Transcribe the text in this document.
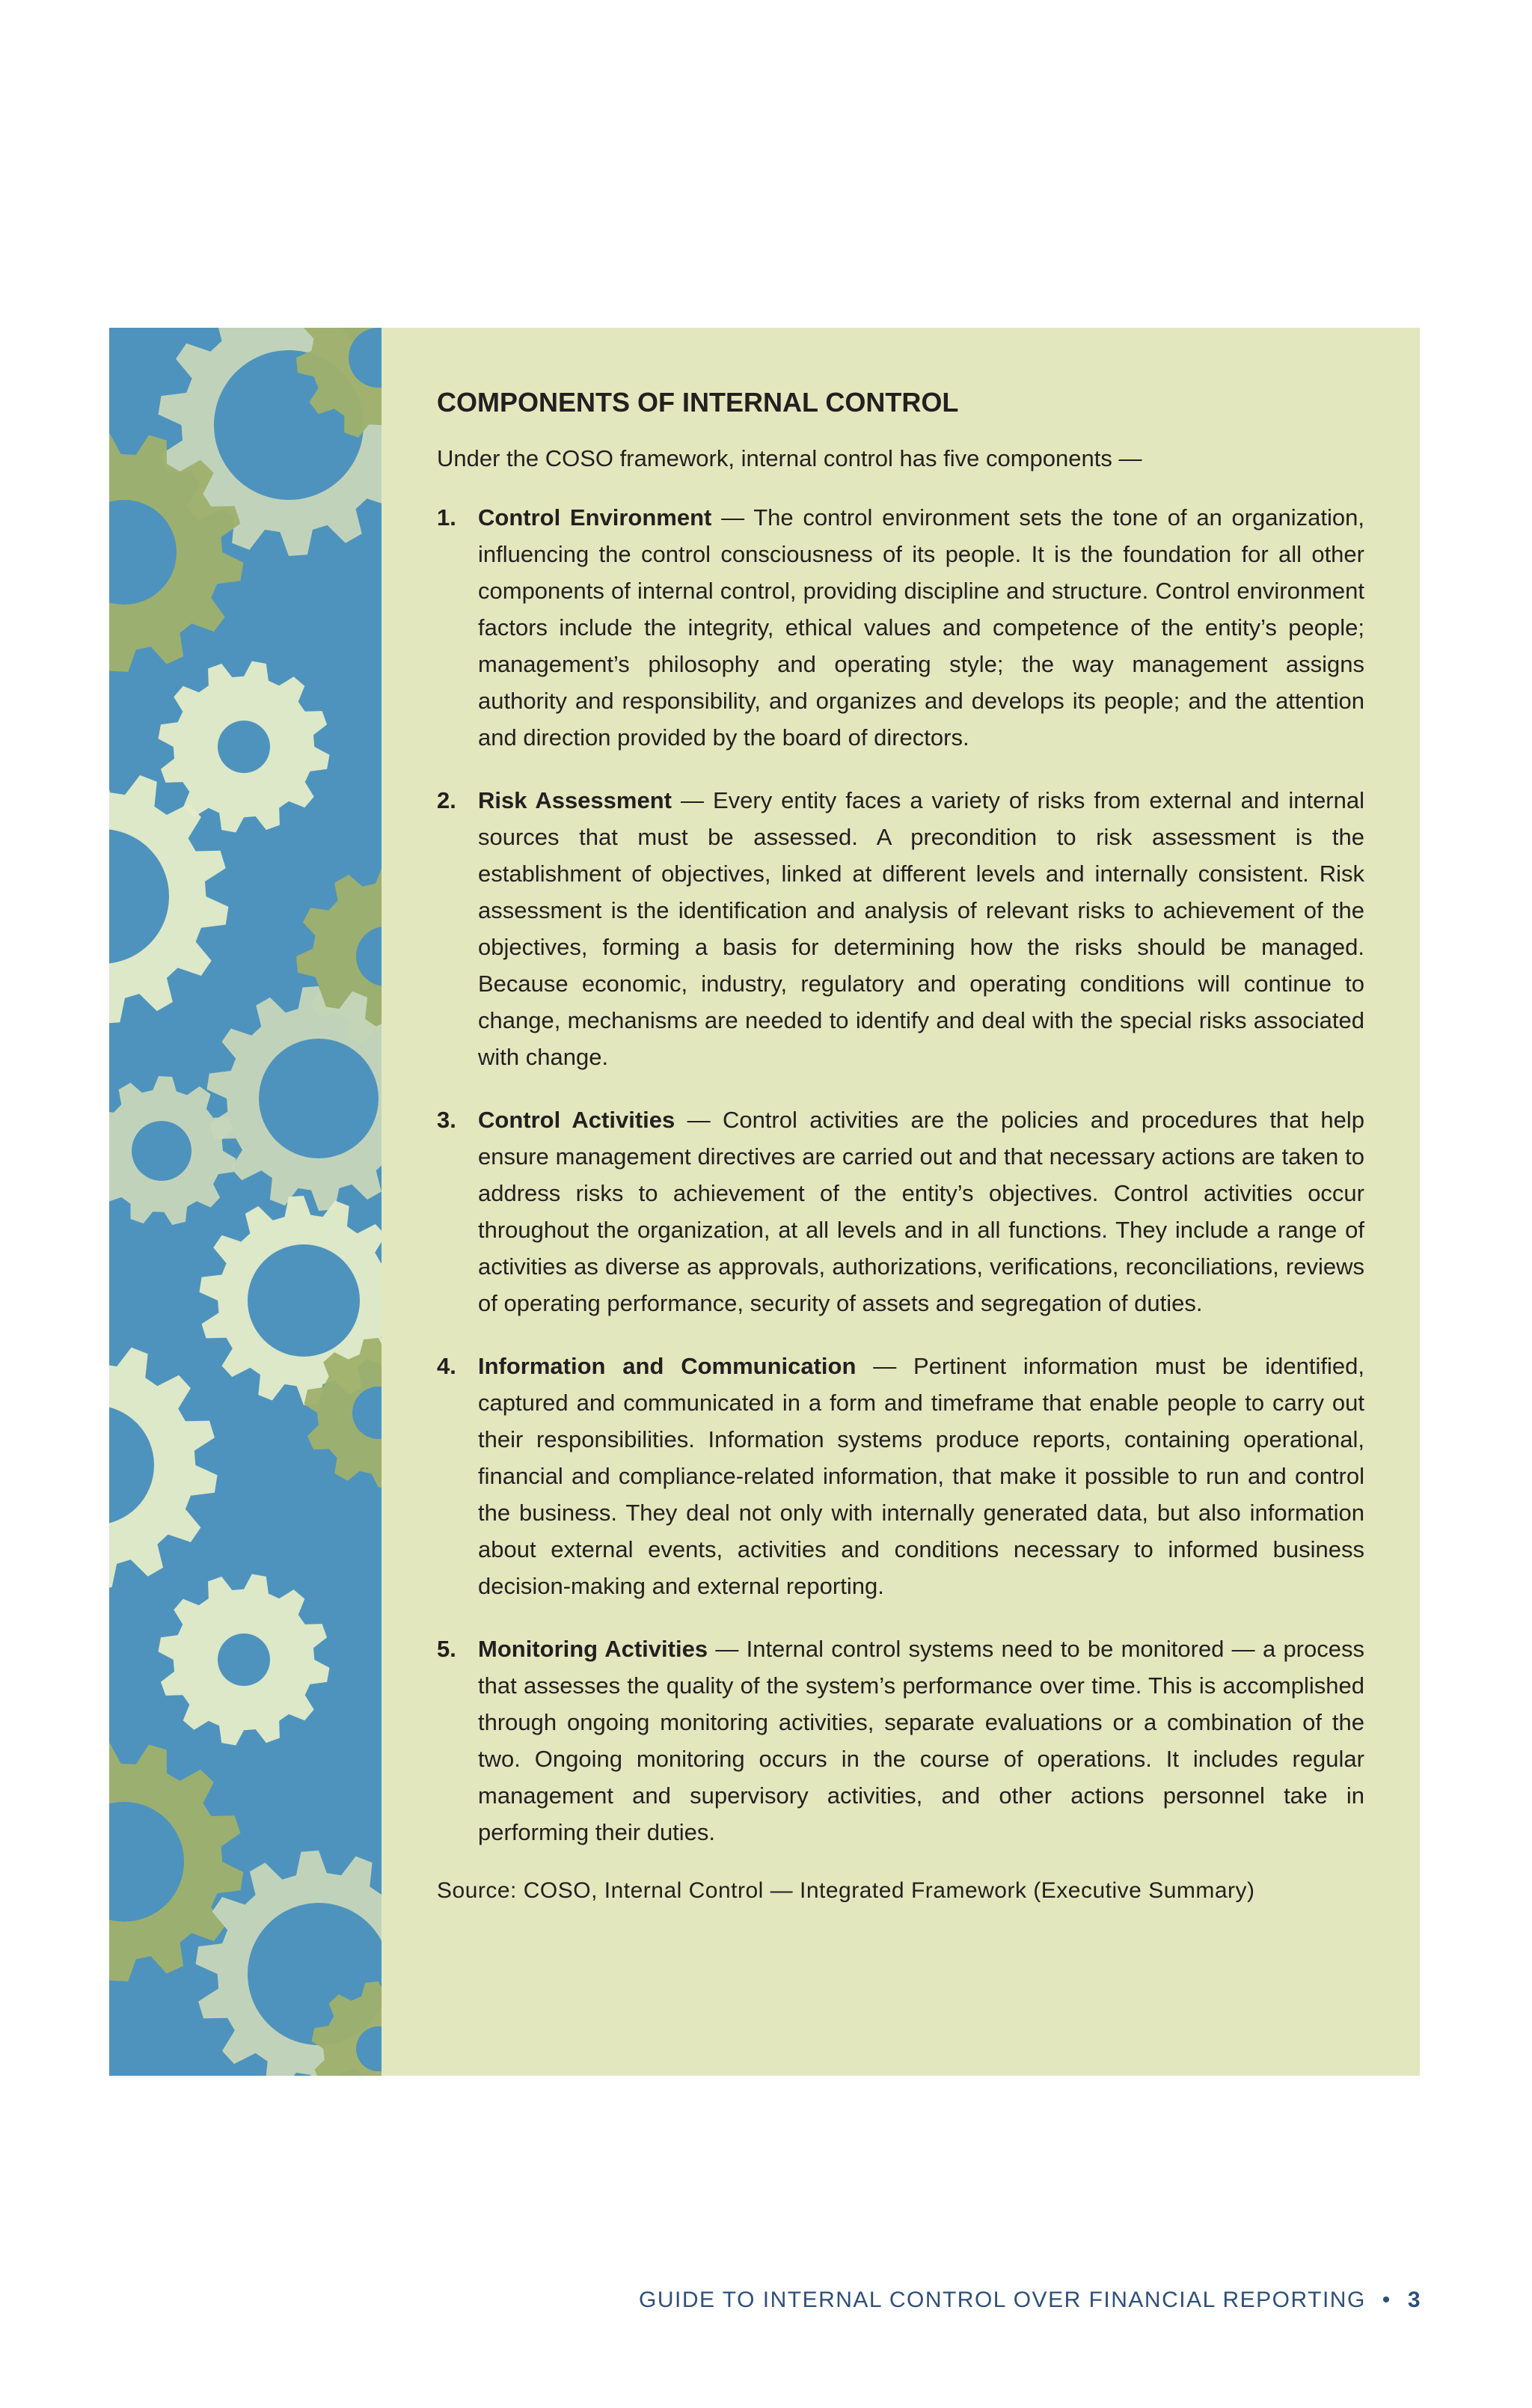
COMPONENTS OF INTERNAL CONTROL
Under the COSO framework, internal control has five components —
1. Control Environment — The control environment sets the tone of an organization, influencing the control consciousness of its people. It is the foundation for all other components of internal control, providing discipline and structure. Control environment factors include the integrity, ethical values and competence of the entity’s people; management’s philosophy and operating style; the way management assigns authority and responsibility, and organizes and develops its people; and the attention and direction provided by the board of directors.
2. Risk Assessment — Every entity faces a variety of risks from external and internal sources that must be assessed. A precondition to risk assessment is the establishment of objectives, linked at different levels and internally consistent. Risk assessment is the identification and analysis of relevant risks to achievement of the objectives, forming a basis for determining how the risks should be managed. Because economic, industry, regulatory and operating conditions will continue to change, mechanisms are needed to identify and deal with the special risks associated with change.
3. Control Activities — Control activities are the policies and procedures that help ensure management directives are carried out and that necessary actions are taken to address risks to achievement of the entity’s objectives. Control activities occur throughout the organization, at all levels and in all functions. They include a range of activities as diverse as approvals, authorizations, verifications, reconciliations, reviews of operating performance, security of assets and segregation of duties.
4. Information and Communication — Pertinent information must be identified, captured and communicated in a form and timeframe that enable people to carry out their responsibilities. Information systems produce reports, containing operational, financial and compliance-related information, that make it possible to run and control the business. They deal not only with internally generated data, but also information about external events, activities and conditions necessary to informed business decision-making and external reporting.
5. Monitoring Activities — Internal control systems need to be monitored — a process that assesses the quality of the system’s performance over time. This is accomplished through ongoing monitoring activities, separate evaluations or a combination of the two. Ongoing monitoring occurs in the course of operations. It includes regular management and supervisory activities, and other actions personnel take in performing their duties.
Source: COSO, Internal Control — Integrated Framework (Executive Summary)
GUIDE TO INTERNAL CONTROL OVER FINANCIAL REPORTING • 3
